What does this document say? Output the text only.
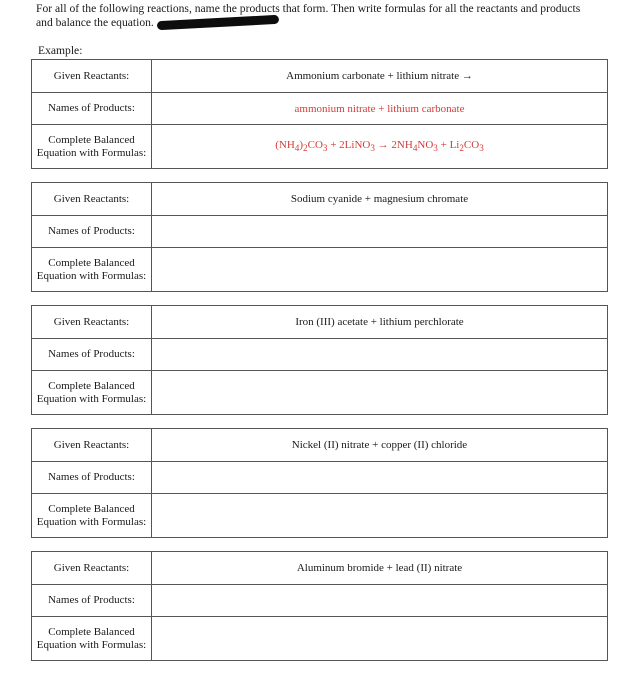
For all of the following reactions, name the products that form. Then write formulas for all the reactants and products and balance the equation.
Example:
Given Reactants:	Ammonium carbonate + lithium nitrate →
Names of Products:	ammonium nitrate + lithium carbonate
Complete Balanced Equation with Formulas:
$(NH_4)_2CO_3$ + 2LiNO$_3$ → $2NH_4NO_3 + Li_2CO_3$
Given Reactants:	Sodium cyanide + magnesium chromate
Names of Products:
Complete Balanced Equation with Formulas:
Given Reactants:	Iron (III) acetate + lithium perchlorate
Names of Products:
Complete Balanced Equation with Formulas:
Given Reactants:	Nickel (II) nitrate + copper (II) chloride
Names of Products:
Complete Balanced Equation with Formulas:
Given Reactants:	Aluminum bromide + lead (II) nitrate
Names of Products:
Complete Balanced Equation with Formulas:
